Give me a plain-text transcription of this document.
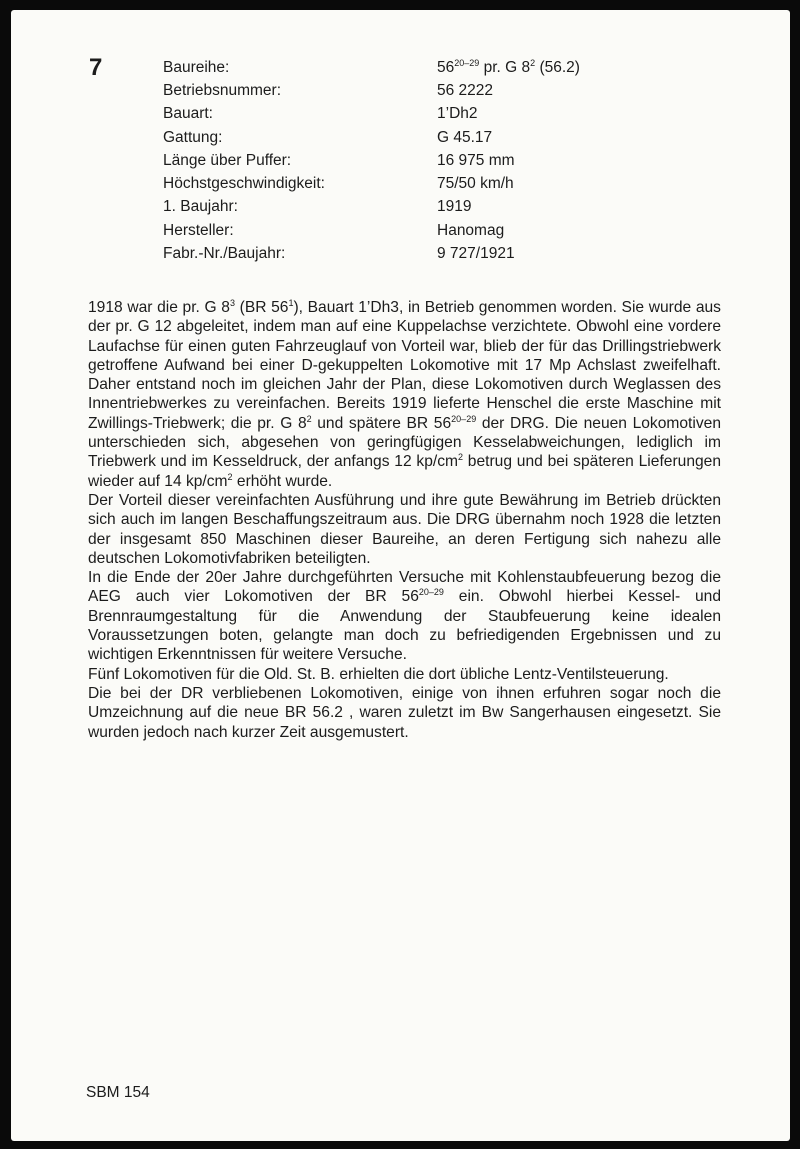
7	Baureihe:	56$^{20-29}$ pr. G $8^2$ (56.2)
Betriebsnummer:	56 2222
Bauart:	1’Dh2
Gattung:	G 45.17
Länge über Puffer:	16 975 mm
Höchstgeschwindigkeit:	75/50 km/h
1. Baujahr:	1919
Hersteller:	Hanomag
Fabr.-Nr./Baujahr:	9 727/1921

1918 war die pr. G $8^3$ (BR $56^1$), Bauart 1’Dh3, in Betrieb genommen worden. Sie wurde aus der pr. G 12 abgeleitet, indem man auf eine Kuppelachse verzichtete. Obwohl eine vordere Laufachse für einen guten Fahrzeuglauf von Vorteil war, blieb der für das Drillingstriebwerk getroffene Aufwand bei einer D-gekuppelten Lokomotive mit 17 Mp Achslast zweifelhaft. Daher entstand noch im gleichen Jahr der Plan, diese Lokomotiven durch Weglassen des Innentriebwerkes zu vereinfachen. Bereits 1919 lieferte Henschel die erste Maschine mit Zwillings-Triebwerk; die pr. G $8^2$ und spätere BR 56$^{20-29}$ der DRG. Die neuen Lokomotiven unterschieden sich, abgesehen von geringfügigen Kesselabweichungen, lediglich im Triebwerk und im Kesseldruck, der anfangs 12 $kp/cm^2$ betrug und bei späteren Lieferungen wieder auf 14 $kp/cm^2$ erhöht wurde.

Der Vorteil dieser vereinfachten Ausführung und ihre gute Bewährung im Betrieb drückten sich auch im langen Beschaffungszeitraum aus. Die DRG übernahm noch 1928 die letzten der insgesamt 850 Maschinen dieser Baureihe, an deren Fertigung sich nahezu alle deutschen Lokomotivfabriken beteiligten.

In die Ende der 20er Jahre durchgeführten Versuche mit Kohlenstaubfeuerung bezog die AEG auch vier Lokomotiven der BR 56$^{20-29}$ ein. Obwohl hierbei Kessel- und Brennraumgestaltung für die Anwendung der Staubfeuerung keine idealen Voraussetzungen boten, gelangte man doch zu befriedigenden Ergebnissen und zu wichtigen Erkenntnissen für weitere Versuche.

Fünf Lokomotiven für die Old. St. B. erhielten die dort übliche Lentz-Ventilsteuerung.

Die bei der DR verbliebenen Lokomotiven, einige von ihnen erfuhren sogar noch die Umzeichnung auf die neue BR 56.2 , waren zuletzt im Bw Sangerhausen eingesetzt. Sie wurden jedoch nach kurzer Zeit ausgemustert.

SBM 154
